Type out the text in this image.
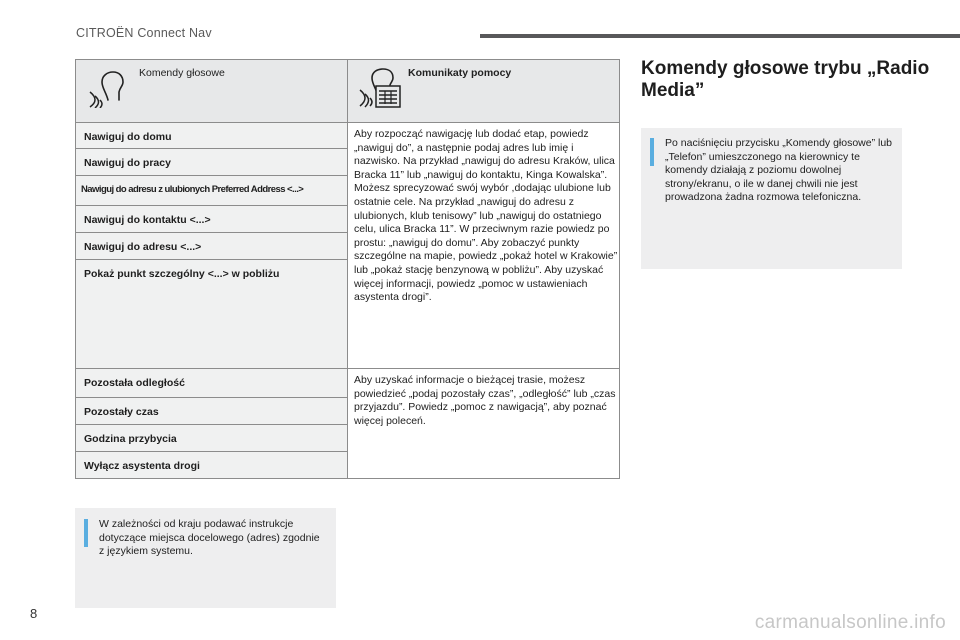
CITROËN Connect Nav
Komendy głosowe
Nawiguj do domu
Nawiguj do pracy
Nawiguj do adresu z ulubionych Preferred Address <...>
Nawiguj do kontaktu <...>
Nawiguj do adresu <...>
Pokaż punkt szczególny <...> w pobliżu
Pozostała odległość
Pozostały czas
Godzina przybycia
Wyłącz asystenta drogi
Komunikaty pomocy
Aby rozpocząć nawigację lub dodać etap, powiedz „nawiguj do”, a następnie podaj adres lub imię i nazwisko. Na przykład „nawiguj do adresu Kraków, ulica Bracka 11” lub „nawiguj do kontaktu, Kinga Kowalska”. Możesz sprecyzować swój wybór ,dodając ulubione lub ostatnie cele. Na przykład „nawiguj do adresu z ulubionych, klub tenisowy” lub „nawiguj do ostatniego celu, ulica Bracka 11”. W przeciwnym razie powiedz po prostu: „nawiguj do domu”. Aby zobaczyć punkty szczególne na mapie, powiedz „pokaż hotel w Krakowie” lub „pokaż stację benzynową w pobliżu”. Aby uzyskać więcej informacji, powiedz „pomoc w ustawieniach asystenta drogi”.
Aby uzyskać informacje o bieżącej trasie, możesz powiedzieć „podaj pozostały czas”, „odległość” lub „czas przyjazdu”. Powiedz „pomoc z nawigacją”, aby poznać więcej poleceń.
W zależności od kraju podawać instrukcje dotyczące miejsca docelowego (adres) zgodnie z językiem systemu.
Komendy głosowe trybu „Radio Media”
Po naciśnięciu przycisku „Komendy głosowe” lub „Telefon” umieszczonego na kierownicy te komendy działają z poziomu dowolnej strony/ekranu, o ile w danej chwili nie jest prowadzona żadna rozmowa telefoniczna.
8	carmanualsonline.info
